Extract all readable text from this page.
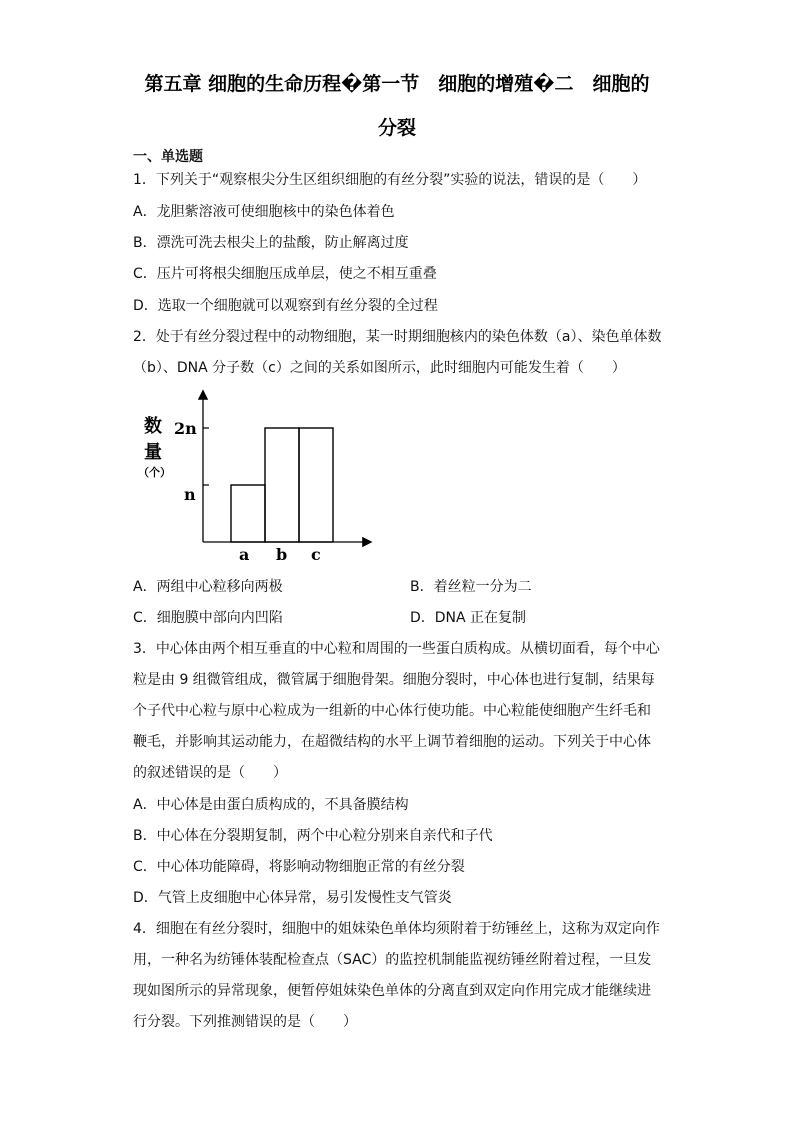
第五章 细胞的生命历程�第一节　细胞的增殖�二　细胞的
分裂
一、单选题
1．下列关于“观察根尖分生区组织细胞的有丝分裂”实验的说法，错误的是（　　）
A．龙胆紫溶液可使细胞核中的染色体着色
B．漂洗可洗去根尖上的盐酸，防止解离过度
C．压片可将根尖细胞压成单层，使之不相互重叠
D．选取一个细胞就可以观察到有丝分裂的全过程
2．处于有丝分裂过程中的动物细胞，某一时期细胞核内的染色体数（a）、染色单体数
（b）、DNA 分子数（c）之间的关系如图所示，此时细胞内可能发生着（　　）
数
量
（个）
2n
n
a b c
A．两组中心粒移向两极	B．着丝粒一分为二
C．细胞膜中部向内凹陷	D．DNA 正在复制
3．中心体由两个相互垂直的中心粒和周围的一些蛋白质构成。从横切面看，每个中心
粒是由 9 组微管组成，微管属于细胞骨架。细胞分裂时，中心体也进行复制，结果每
个子代中心粒与原中心粒成为一组新的中心体行使功能。中心粒能使细胞产生纤毛和
鞭毛，并影响其运动能力，在超微结构的水平上调节着细胞的运动。下列关于中心体
的叙述错误的是（　　）
A．中心体是由蛋白质构成的，不具备膜结构
B．中心体在分裂期复制，两个中心粒分别来自亲代和子代
C．中心体功能障碍，将影响动物细胞正常的有丝分裂
D．气管上皮细胞中心体异常，易引发慢性支气管炎
4．细胞在有丝分裂时，细胞中的姐妹染色单体均须附着于纺锤丝上，这称为双定向作
用，一种名为纺锤体装配检查点（SAC）的监控机制能监视纺锤丝附着过程，一旦发
现如图所示的异常现象，便暂停姐妹染色单体的分离直到双定向作用完成才能继续进
行分裂。下列推测错误的是（　　）
